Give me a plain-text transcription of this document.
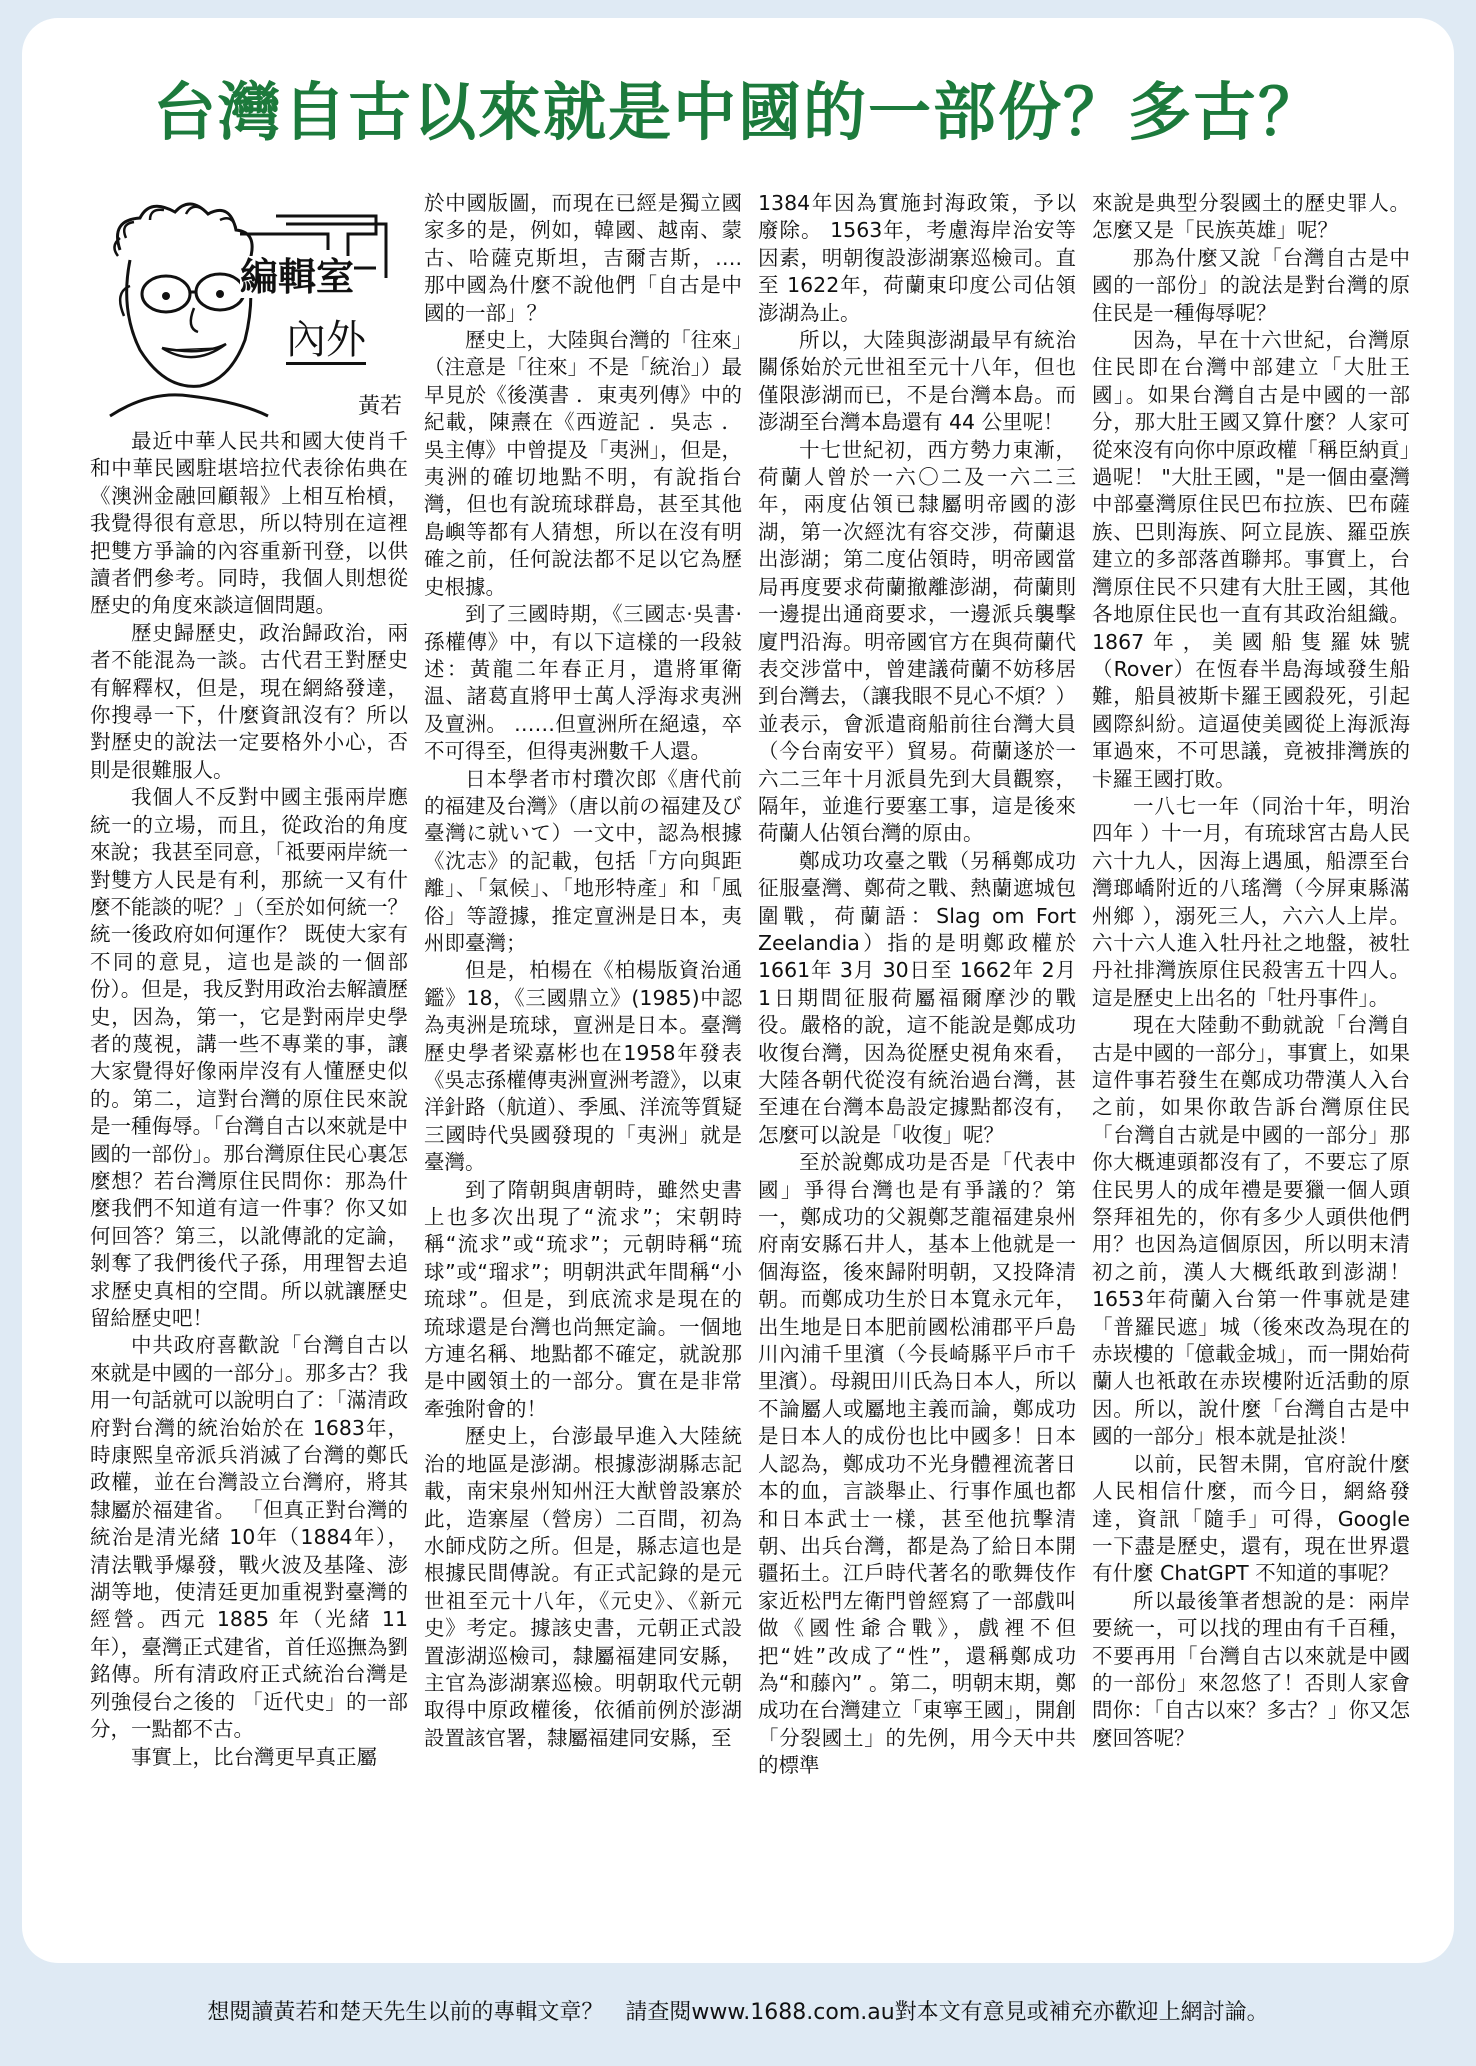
台灣自古以來就是中國的一部份？多古？
編輯室
內外
黃若

最近中華人民共和國大使肖千和中華民國駐堪培拉代表徐佑典在《澳洲金融回顧報》上相互枱槓，我覺得很有意思，所以特別在這裡把雙方爭論的內容重新刊登，以供讀者們參考。同時，我個人則想從歷史的角度來談這個問題。

歷史歸歷史，政治歸政治，兩者不能混為一談。古代君王對歷史有解釋权，但是，現在網絡發達，你搜尋一下，什麼資訊沒有？所以對歷史的說法一定要格外小心，否則是很難服人。

我個人不反對中國主張兩岸應統一的立場，而且，從政治的角度來說；我甚至同意，「祗要兩岸統一對雙方人民是有利，那統一又有什麼不能談的呢？」（至於如何統一？ 統一後政府如何運作？ 既使大家有不同的意見，這也是談的一個部份）。但是，我反對用政治去解讀歷史，因為，第一，它是對兩岸史學者的蔑視，講一些不專業的事，讓大家覺得好像兩岸沒有人懂歷史似的。第二，這對台灣的原住民來說是一種侮辱。「台灣自古以來就是中國的一部份」。那台灣原住民心裏怎麼想？若台灣原住民問你：那為什麼我們不知道有這一件事？你又如何回答？第三，以訛傳訛的定論，剝奪了我們後代子孫，用理智去追求歷史真相的空間。所以就讓歷史留給歷史吧！

中共政府喜歡說「台灣自古以來就是中國的一部分」。那多古？我用一句話就可以說明白了：「滿清政府對台灣的統治始於在 1683年，時康熙皇帝派兵消滅了台灣的鄭氏政權，並在台灣設立台灣府，將其隸屬於福建省。 「但真正對台灣的統治是清光緒 10年（1884年），清法戰爭爆發，戰火波及基隆、澎湖等地，使清廷更加重視對臺灣的經營。西元 1885 年（光緒 11年），臺灣正式建省，首任巡撫為劉銘傳。所有清政府正式統治台灣是列強侵台之後的 「近代史」的一部分，一點都不古。

事實上，比台灣更早真正屬

於中國版圖，而現在已經是獨立國家多的是，例如，韓國、越南、蒙古、哈薩克斯坦，吉爾吉斯，…. 那中國為什麼不說他們「自古是中國的一部」？

歷史上，大陸與台灣的「往來」（注意是「往來」不是「統治」）最早見於《後漢書 ．東夷列傳》中的紀載，陳燾在《西遊記 ．吳志 ．吳主傳》中曾提及「夷洲」，但是，夷洲的確切地點不明，有說指台灣，但也有說琉球群島，甚至其他島嶼等都有人猜想，所以在沒有明確之前，任何說法都不足以它為歷史根據。

到了三國時期，《三國志·吳書· 孫權傳》中，有以下這樣的一段敍述：黃龍二年春正月，遣將軍衛温、諸葛直將甲士萬人浮海求夷洲及亶洲。 ……但亶洲所在絕遠，卒不可得至，但得夷洲數千人還。

日本學者市村瓚次郎《唐代前的福建及台灣》（唐以前の福建及び臺灣に就いて）一文中，認為根據《沈志》的記載，包括「方向與距離」、「氣候」、「地形特產」和「風俗」等證據，推定亶洲是日本，夷州即臺灣；

但是，柏楊在《柏楊版資治通鑑》18，《三國鼎立》(1985)中認為夷洲是琉球，亶洲是日本。臺灣歷史學者梁嘉彬也在1958年發表《吳志孫權傳夷洲亶洲考證》，以東洋針路（航道）、季風、洋流等質疑三國時代吳國發現的「夷洲」就是臺灣。

到了隋朝與唐朝時，雖然史書上也多次出現了“流求”；宋朝時稱“流求”或“琉求”；元朝時稱“琉球”或“瑠求”；明朝洪武年間稱“小琉球”。但是，到底流求是現在的琉球還是台灣也尚無定論。一個地方連名稱、地點都不確定，就說那是中國領土的一部分。實在是非常牽強附會的！

歷史上，台澎最早進入大陸統治的地區是澎湖。根據澎湖縣志記載，南宋泉州知州汪大猷曾設寨於此，造寨屋（營房）二百間，初為水師戍防之所。但是，縣志這也是根據民間傳說。有正式記錄的是元世祖至元十八年，《元史》、《新元史》考定。據該史書，元朝正式設置澎湖巡檢司，隸屬福建同安縣，主官為澎湖寨巡檢。明朝取代元朝取得中原政權後，依循前例於澎湖設置該官署，隸屬福建同安縣，至

1384年因為實施封海政策，予以廢除。 1563年，考慮海岸治安等因素，明朝復設澎湖寨巡檢司。直至 1622年，荷蘭東印度公司佔領澎湖為止。

所以，大陸與澎湖最早有統治關係始於元世祖至元十八年，但也僅限澎湖而已，不是台灣本島。而澎湖至台灣本島還有 44 公里呢！

十七世紀初，西方勢力東漸，荷蘭人曾於一六〇二及一六二三年，兩度佔領已隸屬明帝國的澎湖，第一次經沈有容交涉，荷蘭退出澎湖；第二度佔領時，明帝國當局再度要求荷蘭撤離澎湖，荷蘭則一邊提出通商要求，一邊派兵襲擊廈門沿海。明帝國官方在與荷蘭代表交涉當中，曾建議荷蘭不妨移居到台灣去，（讓我眼不見心不煩？）並表示，會派遣商船前往台灣大員（今台南安平）貿易。荷蘭遂於一六二三年十月派員先到大員觀察，隔年，並進行要塞工事，這是後來荷蘭人佔領台灣的原由。

鄭成功攻臺之戰（另稱鄭成功征服臺灣、鄭荷之戰、熱蘭遮城包圍戰，荷蘭語：Slag om Fort Zeelandia）指的是明鄭政權於 1661年 3月 30日至 1662年 2月 1日期間征服荷屬福爾摩沙的戰役。嚴格的說，這不能說是鄭成功收復台灣，因為從歷史視角來看，大陸各朝代從沒有統治過台灣，甚至連在台灣本島設定據點都沒有，怎麼可以說是「收復」呢？

至於說鄭成功是否是「代表中國」爭得台灣也是有爭議的？第一，鄭成功的父親鄭芝龍福建泉州府南安縣石井人，基本上他就是一個海盜，後來歸附明朝，又投降清朝。而鄭成功生於日本寬永元年，出生地是日本肥前國松浦郡平戶島川內浦千里濱（今長崎縣平戶市千里濱）。母親田川氏為日本人，所以不論屬人或屬地主義而論，鄭成功是日本人的成份也比中國多！日本人認為，鄭成功不光身體裡流著日本的血，言談舉止、行事作風也都和日本武士一樣，甚至他抗擊清朝、出兵台灣，都是為了給日本開疆拓土。江戶時代著名的歌舞伎作家近松門左衛門曾經寫了一部戲叫做《國性爺合戰》，戲裡不但把“姓”改成了“性”，還稱鄭成功為“和藤內” 。第二，明朝末期，鄭成功在台灣建立「東寧王國」，開創「分裂國土」的先例，用今天中共的標準

來說是典型分裂國土的歷史罪人。怎麼又是「民族英雄」呢？

那為什麼又說「台灣自古是中國的一部份」的說法是對台灣的原住民是一種侮辱呢？

因為，早在十六世紀，台灣原住民即在台灣中部建立「大肚王國」。如果台灣自古是中國的一部分，那大肚王國又算什麼？人家可從來沒有向你中原政權「稱臣納貢」過呢！ "大肚王國，"是一個由臺灣中部臺灣原住民巴布拉族、巴布薩族、巴則海族、阿立昆族、羅亞族建立的多部落酋聯邦。事實上，台灣原住民不只建有大肚王國，其他各地原住民也一直有其政治組織。 1867年，美國船隻羅妹號（Rover）在恆春半島海域發生船難，船員被斯卡羅王國殺死，引起國際糾紛。這逼使美國從上海派海軍過來，不可思議，竟被排灣族的卡羅王國打敗。

一八七一年（同治十年，明治四年 ）十一月，有琉球宮古島人民六十九人，因海上遇風，船漂至台灣瑯嶠附近的八瑤灣（今屏東縣滿州鄉 ），溺死三人，六六人上岸。六十六人進入牡丹社之地盤，被牡丹社排灣族原住民殺害五十四人。這是歷史上出名的「牡丹事件」。

現在大陸動不動就說「台灣自古是中國的一部分」，事實上，如果這件事若發生在鄭成功帶漢人入台之前，如果你敢告訴台灣原住民「台灣自古就是中國的一部分」那你大概連頭都沒有了，不要忘了原住民男人的成年禮是要獵一個人頭祭拜祖先的，你有多少人頭供他們用？也因為這個原因，所以明末清初之前，漢人大概纸敢到澎湖！ 1653年荷蘭入台第一件事就是建「普羅民遮」城（後來改為現在的赤崁樓的「億載金城」，而一開始荷蘭人也衹敢在赤崁樓附近活動的原因。所以，說什麼「台灣自古是中國的一部分」根本就是扯淡！

以前，民智未開，官府說什麼人民相信什麼，而今日，網絡發達，資訊「隨手」可得，Google 一下盡是歷史，還有，現在世界還有什麼 ChatGPT 不知道的事呢？

所以最後筆者想說的是：兩岸要統一，可以找的理由有千百種，不要再用「台灣自古以來就是中國的一部份」來忽悠了！否則人家會問你：「自古以來？多古？」你又怎麼回答呢？

想閱讀黃若和楚天先生以前的專輯文章？　請查閱www.1688.com.au對本文有意見或補充亦歡迎上網討論。
